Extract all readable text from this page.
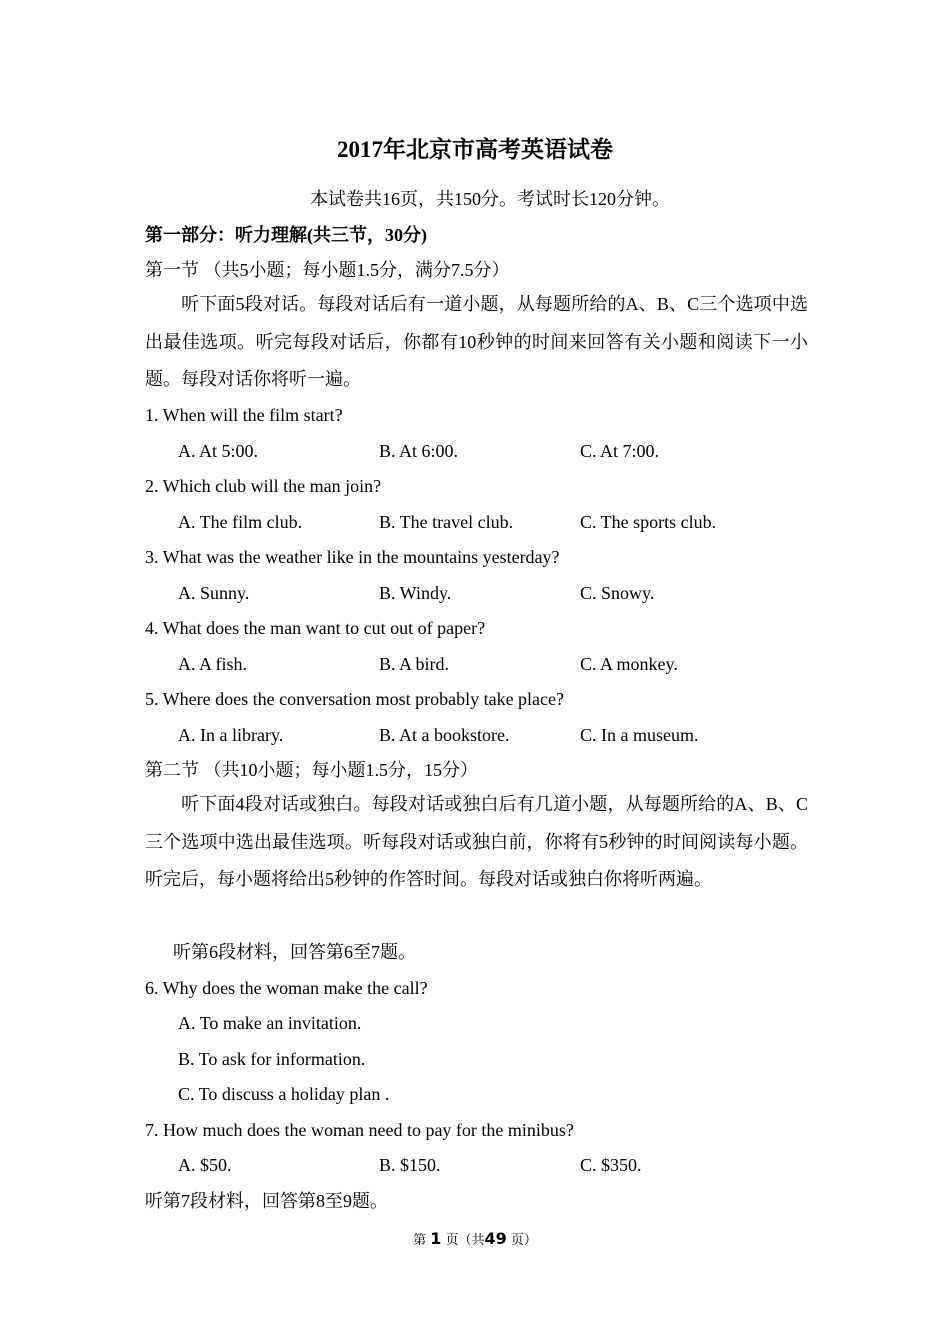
2017年北京市高考英语试卷
本试卷共16页，共150分。考试时长120分钟。
第一部分：听力理解(共三节，30分)
第一节 （共5小题；每小题1.5分，满分7.5分）
听下面5段对话。每段对话后有一道小题，从每题所给的A、B、C三个选项中选出最佳选项。听完每段对话后，你都有10秒钟的时间来回答有关小题和阅读下一小题。每段对话你将听一遍。
1. When will the film start?
A. At 5:00.	B. At 6:00.	C. At 7:00.
2. Which club will the man join?
A. The film club.	B. The travel club.	C. The sports club.
3. What was the weather like in the mountains yesterday?
A. Sunny.	B. Windy.	C. Snowy.
4. What does the man want to cut out of paper?
A. A fish.	B. A bird.	C. A monkey.
5. Where does the conversation most probably take place?
A. In a library.	B. At a bookstore.	C. In a museum.
第二节 （共10小题；每小题1.5分，15分）
听下面4段对话或独白。每段对话或独白后有几道小题，从每题所给的A、B、C三个选项中选出最佳选项。听每段对话或独白前，你将有5秒钟的时间阅读每小题。听完后，每小题将给出5秒钟的作答时间。每段对话或独白你将听两遍。
听第6段材料，回答第6至7题。
6. Why does the woman make the call?
A. To make an invitation.
B. To ask for information.
C. To discuss a holiday plan .
7. How much does the woman need to pay for the minibus?
A. $50.	B. $150.	C. $350.
听第7段材料，回答第8至9题。
第 1 页（共49 页）
